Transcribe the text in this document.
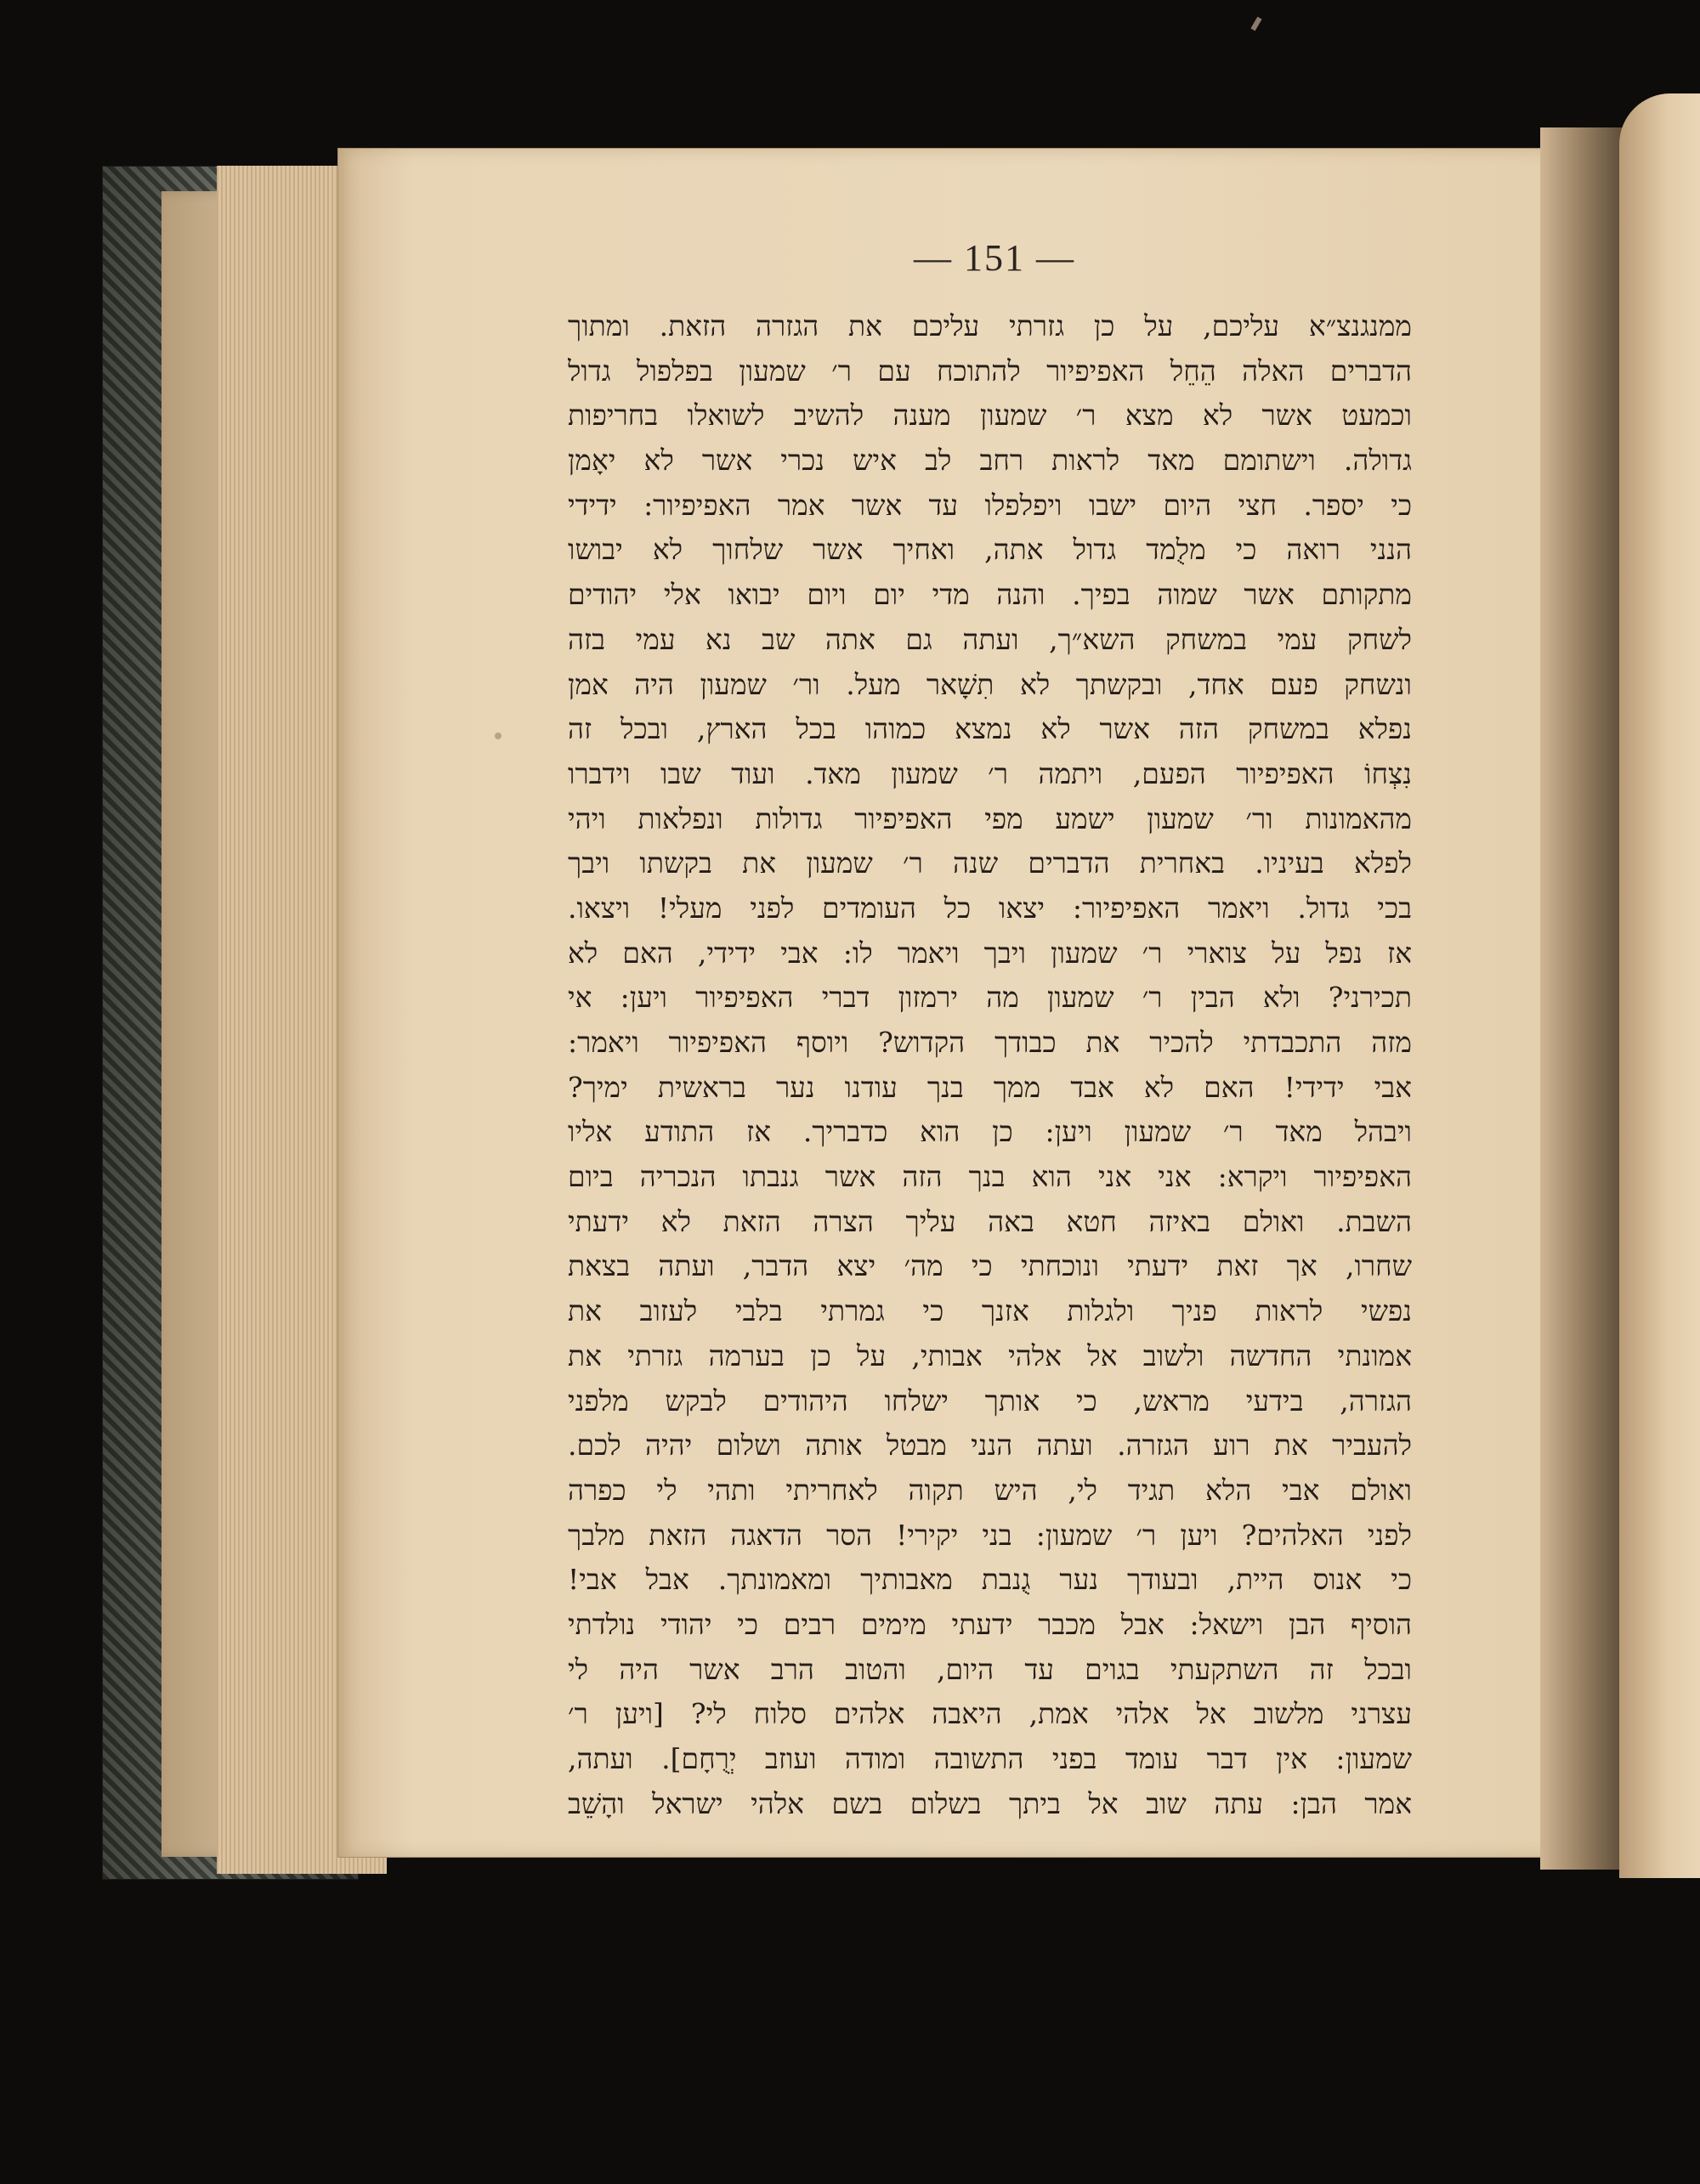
— 151 —
ממנגנצ״א עליכם, על כן גזרתי עליכם את הגזרה הזאת. ומתוך
הדברים האלה הֵחֵל האפיפיור להתוכח עם ר׳ שמעון בפלפול גדול
וכמעט אשר לא מצא ר׳ שמעון מענה להשיב לשואלו בחריפות
גדולה. וישתומם מאד לראות רחב לב איש נכרי אשר לא יאָמן
כי יספר. חצי היום ישבו ויפלפלו עד אשר אמר האפיפיור: ידידי
הנני רואה כי מלֻמד גדול אתה, ואחיך אשר שלחוך לא יבושו
מתקותם אשר שמוה בפיך. והנה מדי יום ויום יבואו אלי יהודים
לשחק עמי במשחק השא״ך, ועתה גם אתה שב נא עמי בזה
ונשחק פעם אחד, ובקשתך לא תִשָׁאר מעל. ור׳ שמעון היה אמן
נפלא במשחק הזה אשר לא נמצא כמוהו בכל הארץ, ובכל זה
נִצְחוֹ האפיפיור הפעם, ויתמה ר׳ שמעון מאד. ועוד שבו וידברו
מהאמונות ור׳ שמעון ישמע מפי האפיפיור גדולות ונפלאות ויהי
לפלא בעיניו. באחרית הדברים שנה ר׳ שמעון את בקשתו ויבך
בכי גדול. ויאמר האפיפיור: יצאו כל העומדים לפני מעלי! ויצאו.
אז נפל על צוארי ר׳ שמעון ויבך ויאמר לו: אבי ידידי, האם לא
תכירני? ולא הבין ר׳ שמעון מה ירמזון דברי האפיפיור ויען: אי
מזה התכבדתי להכיר את כבודך הקדוש? ויוסף האפיפיור ויאמר:
אבי ידידי! האם לא אבד ממך בנך עודנו נער בראשית ימיך?
ויבהל מאד ר׳ שמעון ויען: כן הוא כדבריך. אז התודע אליו
האפיפיור ויקרא: אני אני הוא בנך הזה אשר גנבתו הנכריה ביום
השבת. ואולם באיזה חטא באה עליך הצרה הזאת לא ידעתי
שחרו, אך זאת ידעתי ונוכחתי כי מה׳ יצא הדבר, ועתה בצאת
נפשי לראות פניך ולגלות אזנך כי גמרתי בלבי לעזוב את
אמונתי החדשה ולשוב אל אלהי אבותי, על כן בערמה גזרתי את
הגזרה, בידעי מראש, כי אותך ישלחו היהודים לבקש מלפני
להעביר את רוע הגזרה. ועתה הנני מבטל אותה ושלום יהיה לכם.
ואולם אבי הלא תגיד לי, היש תקוה לאחריתי ותהי לי כפרה
לפני האלהים? ויען ר׳ שמעון: בני יקירי! הסר הדאגה הזאת מלבך
כי אנוס היית, ובעודך נער גֻנבת מאבותיך ומאמונתך. אבל אבי!
הוסיף הבן וישאל: אבל מכבר ידעתי מימים רבים כי יהודי נולדתי
ובכל זה השתקעתי בגוים עד היום, והטוב הרב אשר היה לי
עצרני מלשוב אל אלהי אמת, היאבה אלהים סלוח לי? [ויען ר׳
שמעון: אין דבר עומד בפני התשובה ומודה ועוזב יְרֻחָם]. ועתה,
אמר הבן: עתה שוב אל ביתך בשלום בשם אלהי ישראל והָשֵׁב
